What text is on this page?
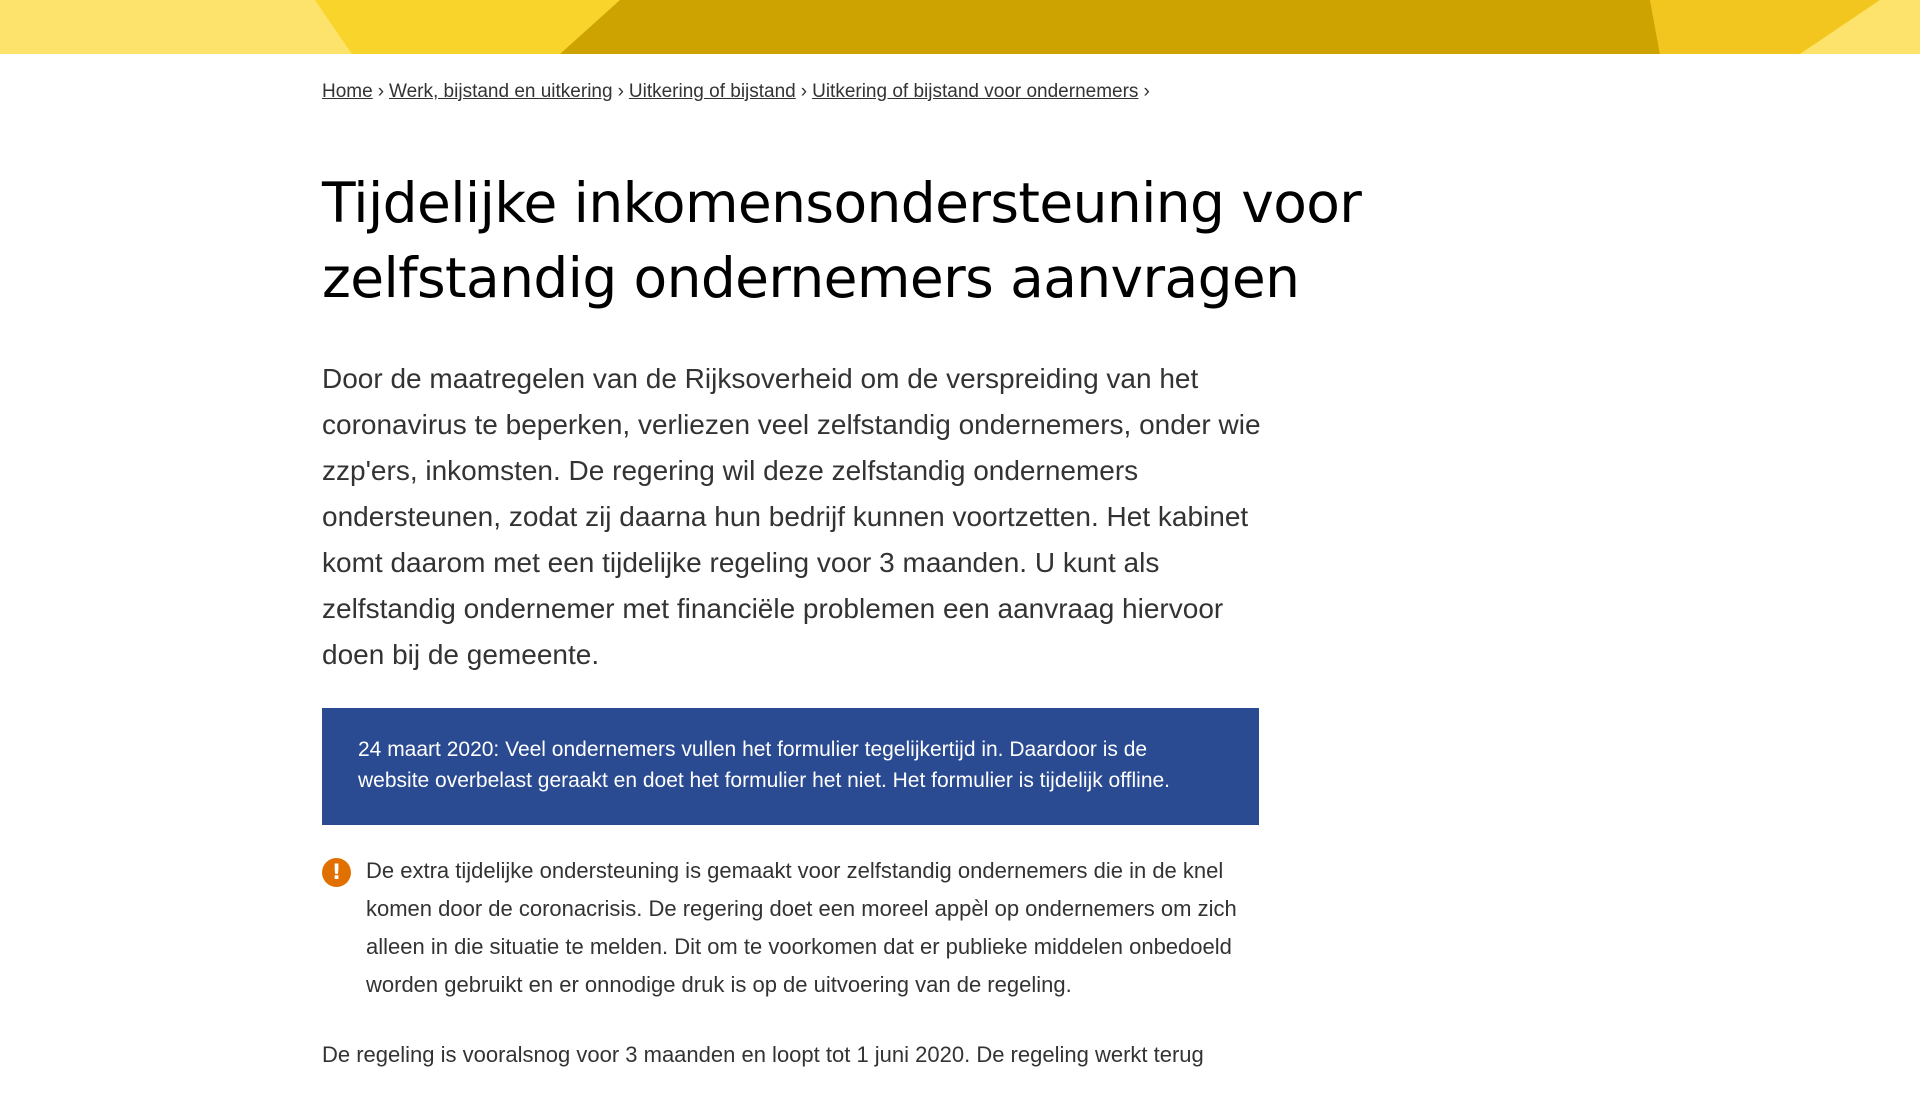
Home › Werk, bijstand en uitkering › Uitkering of bijstand › Uitkering of bijstand voor ondernemers ›
Tijdelijke inkomensondersteuning voor
zelfstandig ondernemers aanvragen

Door de maatregelen van de Rijksoverheid om de verspreiding van het coronavirus te beperken, verliezen veel zelfstandig ondernemers, onder wie zzp'ers, inkomsten. De regering wil deze zelfstandig ondernemers ondersteunen, zodat zij daarna hun bedrijf kunnen voortzetten. Het kabinet komt daarom met een tijdelijke regeling voor 3 maanden. U kunt als zelfstandig ondernemer met financiële problemen een aanvraag hiervoor doen bij de gemeente.

24 maart 2020: Veel ondernemers vullen het formulier tegelijkertijd in. Daardoor is de website overbelast geraakt en doet het formulier het niet. Het formulier is tijdelijk offline.
!	De extra tijdelijke ondersteuning is gemaakt voor zelfstandig ondernemers die in de knel komen door de coronacrisis. De regering doet een moreel appèl op ondernemers om zich alleen in die situatie te melden. Dit om te voorkomen dat er publieke middelen onbedoeld worden gebruikt en er onnodige druk is op de uitvoering van de regeling.

De regeling is vooralsnog voor 3 maanden en loopt tot 1 juni 2020. De regeling werkt terug
